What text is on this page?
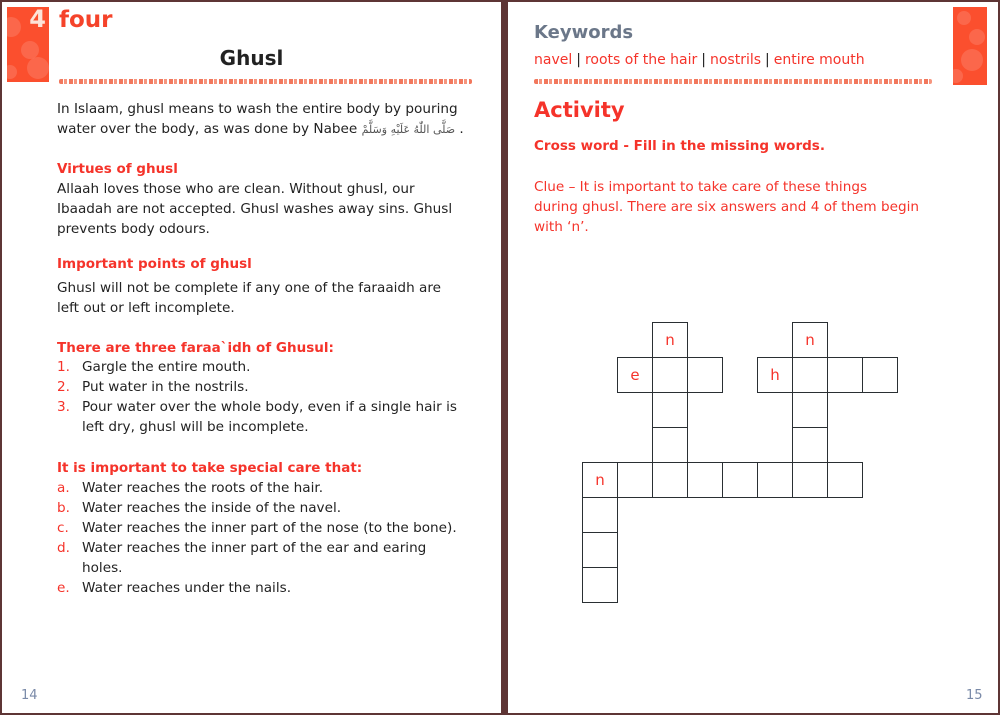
4 four
Ghusl
In Islaam, ghusl means to wash the entire body by pouring
water over the body, as was done by Nabee صَلَّى اللّٰهُ عَلَيْهِ وَسَلَّمْ .
Virtues of ghusl
Allaah loves those who are clean. Without ghusl, our
Ibaadah are not accepted. Ghusl washes away sins. Ghusl
prevents body odours.
Important points of ghusl
Ghusl will not be complete if any one of the faraaidh are
left out or left incomplete.
There are three faraa`idh of Ghusul:
1. Gargle the entire mouth.
2. Put water in the nostrils.
3. Pour water over the whole body, even if a single hair is
left dry, ghusl will be incomplete.
It is important to take special care that:
a. Water reaches the roots of the hair.
b. Water reaches the inside of the navel.
c. Water reaches the inner part of the nose (to the bone).
d. Water reaches the inner part of the ear and earing
holes.
e. Water reaches under the nails.
14
Keywords
navel | roots of the hair | nostrils | entire mouth
Activity
Cross word - Fill in the missing words.
Clue – It is important to take care of these things
during ghusl. There are six answers and 4 of them begin
with ‘n’.
n	n
e	h
n
15
